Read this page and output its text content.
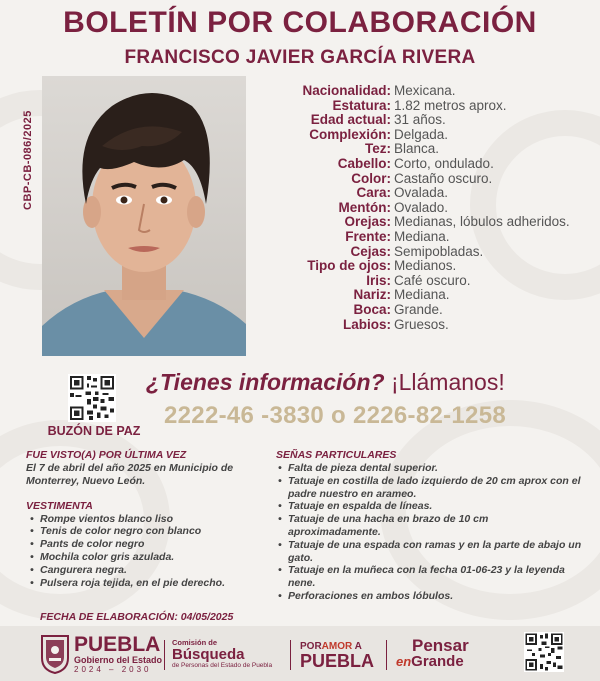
BOLETÍN POR COLABORACIÓN
FRANCISCO JAVIER GARCÍA RIVERA
CBP-CB-086/2025
Nacionalidad: Mexicana.
Estatura: 1.82 metros aprox.
Edad actual: 31 años.
Complexión: Delgada.
Tez: Blanca.
Cabello: Corto, ondulado.
Color: Castaño oscuro.
Cara: Ovalada.
Mentón: Ovalado.
Orejas: Medianas, lóbulos adheridos.
Frente: Mediana.
Cejas: Semipobladas.
Tipo de ojos: Medianos.
Iris: Café oscuro.
Nariz: Mediana.
Boca: Grande.
Labios: Gruesos.
BUZÓN DE PAZ
¿Tienes información? ¡Llámanos!
2222-46 -3830 o 2226-82-1258
FUE VISTO(A) POR ÚLTIMA VEZ
El 7 de abril del año 2025 en Municipio de Monterrey, Nuevo León.
VESTIMENTA
• Rompe vientos blanco liso
• Tenis de color negro con blanco
• Pants de color negro
• Mochila color gris azulada.
• Cangurera negra.
• Pulsera roja tejida, en el pie derecho.
SEÑAS PARTICULARES
• Falta de pieza dental superior.
• Tatuaje en costilla de lado izquierdo de 20 cm aprox con el padre nuestro en arameo.
• Tatuaje en espalda de líneas.
• Tatuaje de una hacha en brazo de 10 cm aproximadamente.
• Tatuaje de una espada con ramas y en la parte de abajo un gato.
• Tatuaje en la muñeca con la fecha 01-06-23 y la leyenda nene.
• Perforaciones en ambos lóbulos.
FECHA DE ELABORACIÓN: 04/05/2025
PUEBLA
Gobierno del Estado
2024 – 2030
Comisión de
Búsqueda
de Personas del Estado de Puebla
PORAMOR A
PUEBLA
Pensar
enGrande
